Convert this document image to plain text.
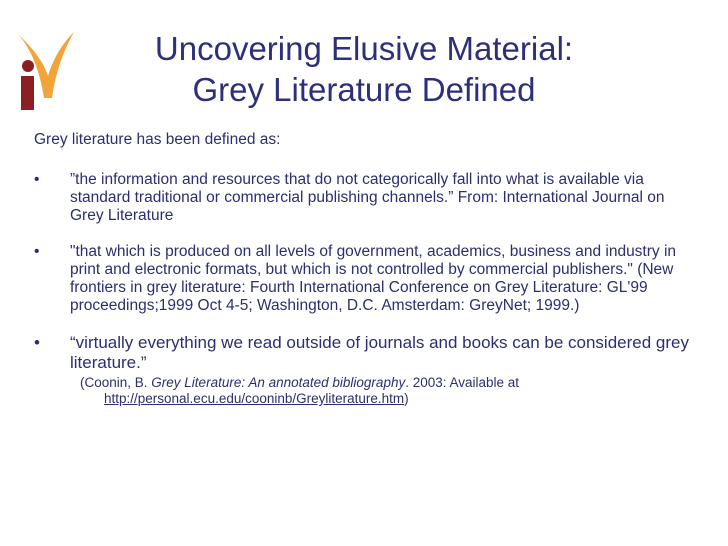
Uncovering Elusive Material:
Grey Literature Defined
Grey literature has been defined as:
• ”the information and resources that do not categorically fall into what is available via standard traditional or commercial publishing channels.” From: International Journal on Grey Literature
• "that which is produced on all levels of government, academics, business and industry in print and electronic formats, but which is not controlled by commercial publishers." (New frontiers in grey literature: Fourth International Conference on Grey Literature: GL'99 proceedings;1999 Oct 4-5; Washington, D.C. Amsterdam: GreyNet; 1999.)
• “virtually everything we read outside of journals and books can be considered grey literature.”
(Coonin, B. Grey Literature: An annotated bibliography. 2003: Available at http://personal.ecu.edu/cooninb/Greyliterature.htm)
